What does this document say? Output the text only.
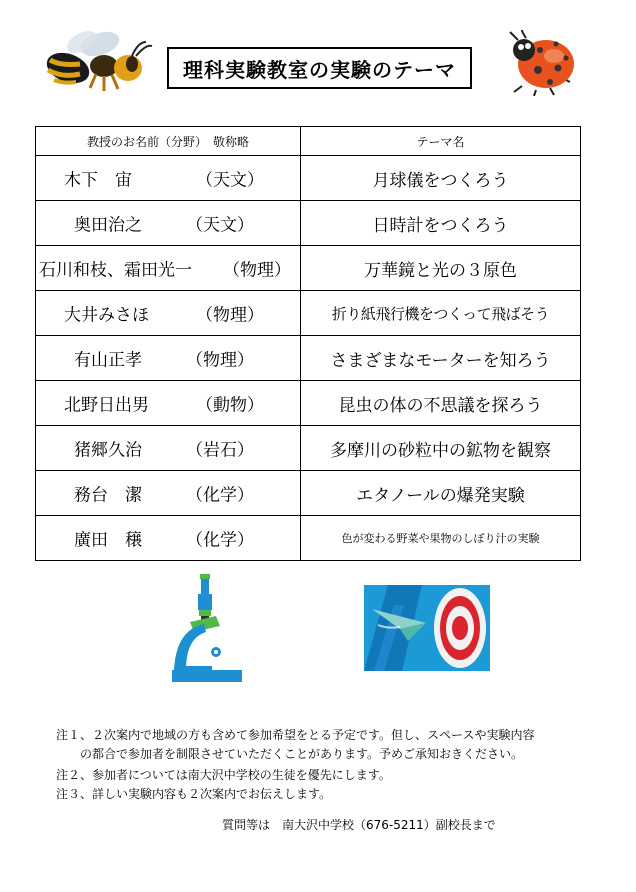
理科実験教室の実験のテーマ
教授のお名前（分野）　敬称略	テーマ名

木下　宙 （天文）	月球儀をつくろう

奥田治之 （天文）	日時計をつくろう

石川和枝、霜田光一 （物理）	万華鏡と光の３原色

大井みさほ （物理）	折り紙飛行機をつくって飛ばそう

有山正孝 （物理）	さまざまなモーターを知ろう

北野日出男 （動物）	昆虫の体の不思議を探ろう

猪郷久治 （岩石）	多摩川の砂粒中の鉱物を観察

務台　潔 （化学）	エタノールの爆発実験

廣田　穣 （化学）	色が変わる野菜や果物のしぼり汁の実験
注１、２次案内で地域の方も含めて参加希望をとる予定です。但し、スペースや実験内容
　　の都合で参加者を制限させていただくことがあります。予めご承知おきください。
注２、参加者については南大沢中学校の生徒を優先にします。
注３、詳しい実験内容も２次案内でお伝えします。
質問等は　南大沢中学校（676-5211）副校長まで
